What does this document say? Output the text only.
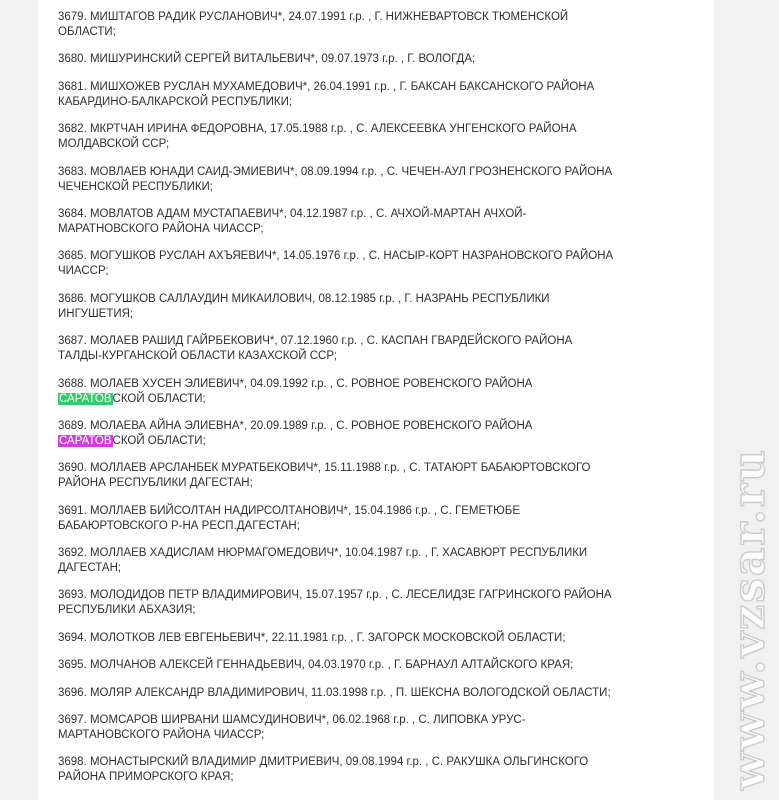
3679. МИШТАГОВ РАДИК РУСЛАНОВИЧ*, 24.07.1991 г.р. , Г. НИЖНЕВАРТОВСК ТЮМЕНСКОЙ ОБЛАСТИ;
3680. МИШУРИНСКИЙ СЕРГЕЙ ВИТАЛЬЕВИЧ*, 09.07.1973 г.р. , Г. ВОЛОГДА;
3681. МИШХОЖЕВ РУСЛАН МУХАМЕДОВИЧ*, 26.04.1991 г.р. , Г. БАКСАН БАКСАНСКОГО РАЙОНА КАБАРДИНО-БАЛКАРСКОЙ РЕСПУБЛИКИ;
3682. МКРТЧАН ИРИНА ФЕДОРОВНА, 17.05.1988 г.р. , С. АЛЕКСЕЕВКА УНГЕНСКОГО РАЙОНА МОЛДАВСКОЙ ССР;
3683. МОВЛАЕВ ЮНАДИ САИД-ЭМИЕВИЧ*, 08.09.1994 г.р. , С. ЧЕЧЕН-АУЛ ГРОЗНЕНСКОГО РАЙОНА ЧЕЧЕНСКОЙ РЕСПУБЛИКИ;
3684. МОВЛАТОВ АДАМ МУСТАПАЕВИЧ*, 04.12.1987 г.р. , С. АЧХОЙ-МАРТАН АЧХОЙ-МАРАТНОВСКОГО РАЙОНА ЧИАССР;
3685. МОГУШКОВ РУСЛАН АХЪЯЕВИЧ*, 14.05.1976 г.р. , С. НАСЫР-КОРТ НАЗРАНОВСКОГО РАЙОНА ЧИАССР;
3686. МОГУШКОВ САЛЛАУДИН МИКАИЛОВИЧ, 08.12.1985 г.р. , Г. НАЗРАНЬ РЕСПУБЛИКИ ИНГУШЕТИЯ;
3687. МОЛАЕВ РАШИД ГАЙРБЕКОВИЧ*, 07.12.1960 г.р. , С. КАСПАН ГВАРДЕЙСКОГО РАЙОНА ТАЛДЫ-КУРГАНСКОЙ ОБЛАСТИ КАЗАХСКОЙ ССР;
3688. МОЛАЕВ ХУСЕН ЭЛИЕВИЧ*, 04.09.1992 г.р. , С. РОВНОЕ РОВЕНСКОГО РАЙОНА САРАТОВСКОЙ ОБЛАСТИ;
3689. МОЛАЕВА АЙНА ЭЛИЕВНА*, 20.09.1989 г.р. , С. РОВНОЕ РОВЕНСКОГО РАЙОНА САРАТОВСКОЙ ОБЛАСТИ;
3690. МОЛЛАЕВ АРСЛАНБЕК МУРАТБЕКОВИЧ*, 15.11.1988 г.р. , С. ТАТАЮРТ БАБАЮРТОВСКОГО РАЙОНА РЕСПУБЛИКИ ДАГЕСТАН;
3691. МОЛЛАЕВ БИЙСОЛТАН НАДИРСОЛТАНОВИЧ*, 15.04.1986 г.р. , С. ГЕМЕТЮБЕ БАБАЮРТОВСКОГО Р-НА РЕСП.ДАГЕСТАН;
3692. МОЛЛАЕВ ХАДИСЛАМ НЮРМАГОМЕДОВИЧ*, 10.04.1987 г.р. , Г. ХАСАВЮРТ РЕСПУБЛИКИ ДАГЕСТАН;
3693. МОЛОДИДОВ ПЕТР ВЛАДИМИРОВИЧ, 15.07.1957 г.р. , С. ЛЕСЕЛИДЗЕ ГАГРИНСКОГО РАЙОНА РЕСПУБЛИКИ АБХАЗИЯ;
3694. МОЛОТКОВ ЛЕВ ЕВГЕНЬЕВИЧ*, 22.11.1981 г.р. , Г. ЗАГОРСК МОСКОВСКОЙ ОБЛАСТИ;
3695. МОЛЧАНОВ АЛЕКСЕЙ ГЕННАДЬЕВИЧ, 04.03.1970 г.р. , Г. БАРНАУЛ АЛТАЙСКОГО КРАЯ;
3696. МОЛЯР АЛЕКСАНДР ВЛАДИМИРОВИЧ, 11.03.1998 г.р. , П. ШЕКСНА ВОЛОГОДСКОЙ ОБЛАСТИ;
3697. МОМСАРОВ ШИРВАНИ ШАМСУДИНОВИЧ*, 06.02.1968 г.р. , С. ЛИПОВКА УРУС-МАРТАНОВСКОГО РАЙОНА ЧИАССР;
3698. МОНАСТЫРСКИЙ ВЛАДИМИР ДМИТРИЕВИЧ, 09.08.1994 г.р. , С. РАКУШКА ОЛЬГИНСКОГО РАЙОНА ПРИМОРСКОГО КРАЯ;	www.vzsar.ru
